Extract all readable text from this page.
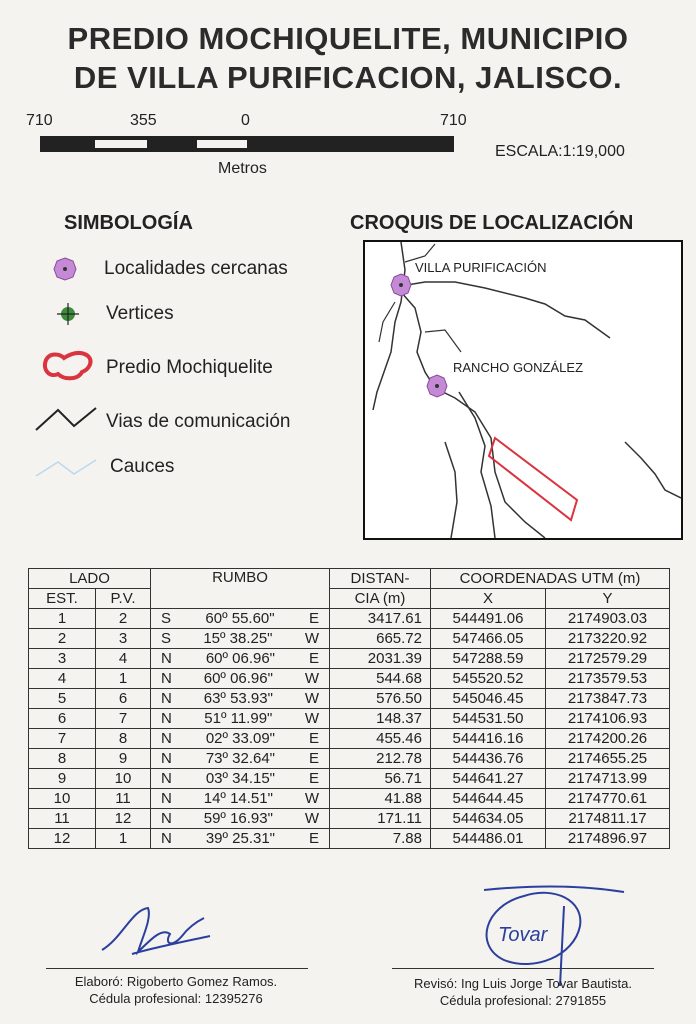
PREDIO MOCHIQUELITE, MUNICIPIO
DE VILLA PURIFICACION, JALISCO.
710	355	0	710
Metros
ESCALA:1:19,000
SIMBOLOGÍA
Localidades cercanas
Vertices
Predio Mochiquelite
Vias de comunicación
Cauces
CROQUIS DE LOCALIZACIÓN
VILLA PURIFICACIÓN
RANCHO GONZÁLEZ
LADO		RUMBO	DISTAN-	COORDENADAS UTM (m)	
EST.	P.V.		CIA (m)	X	Y
1	2	S 60º 55.60" E	3417.61	544491.06	2174903.03
2	3	S 15º 38.25" W	665.72	547466.05	2173220.92
3	4	N 60º 06.96" E	2031.39	547288.59	2172579.29
4	1	N 60º 06.96" W	544.68	545520.52	2173579.53
5	6	N 63º 53.93" W	576.50	545046.45	2173847.73
6	7	N 51º 11.99" W	148.37	544531.50	2174106.93
7	8	N 02º 33.09" E	455.46	544416.16	2174200.26
8	9	N 73º 32.64" E	212.78	544436.76	2174655.25
9	10	N 03º 34.15" E	56.71	544641.27	2174713.99
10	11	N 14º 14.51" W	41.88	544644.45	2174770.61
11	12	N 59º 16.93" W	171.11	544634.05	2174811.17
12	1	N 39º 25.31" E	7.88	544486.01	2174896.97
Elaboró: Rigoberto Gomez Ramos.
Cédula profesional: 12395276
Tovar
Revisó: Ing Luis Jorge Tovar Bautista.
Cédula profesional: 2791855
